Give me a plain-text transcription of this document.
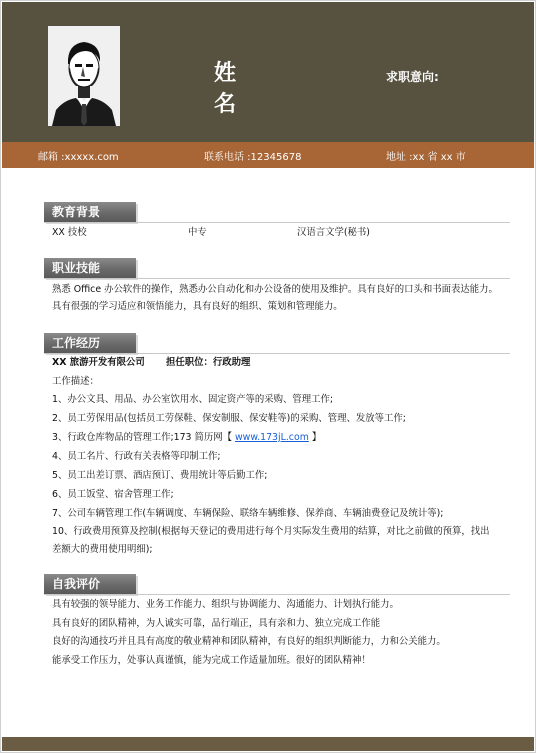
姓 名
求职意向:
邮箱 :xxxxx.com	联系电话 :12345678	地址 :xx 省 xx 市
教育背景
XX 技校	中专	汉语言文学(秘书)
职业技能
熟悉 Office 办公软件的操作，熟悉办公自动化和办公设备的使用及维护。具有良好的口头和书面表达能力。
具有很强的学习适应和领悟能力，具有良好的组织、策划和管理能力。
工作经历
XX 旅游开发有限公司 担任职位：行政助理
工作描述：
1、办公文具、用品、办公室饮用水、固定资产等的采购、管理工作;
2、员工劳保用品(包括员工劳保鞋、保安制服、保安鞋等)的采购、管理、发放等工作;
3、行政仓库物品的管理工作;173 简历网【 www.173jL.com 】
4、员工名片、行政有关表格等印制工作;
5、员工出差订票、酒店预订、费用统计等后勤工作;
6、员工饭堂、宿舍管理工作;
7、公司车辆管理工作(车辆调度、车辆保险、联络车辆维修、保养商、车辆油费登记及统计等);
10、行政费用预算及控制(根据每天登记的费用进行每个月实际发生费用的结算，对比之前做的预算，找出
差额大的费用使用明细);
自我评价
具有较强的领导能力、业务工作能力、组织与协调能力、沟通能力、计划执行能力。
具有良好的团队精神，为人诚实可靠，品行端正，具有亲和力、独立完成工作能
良好的沟通技巧并且具有高度的敬业精神和团队精神，有良好的组织判断能力，力和公关能力。
能承受工作压力，处事认真谨慎，能为完成工作适量加班。很好的团队精神！
